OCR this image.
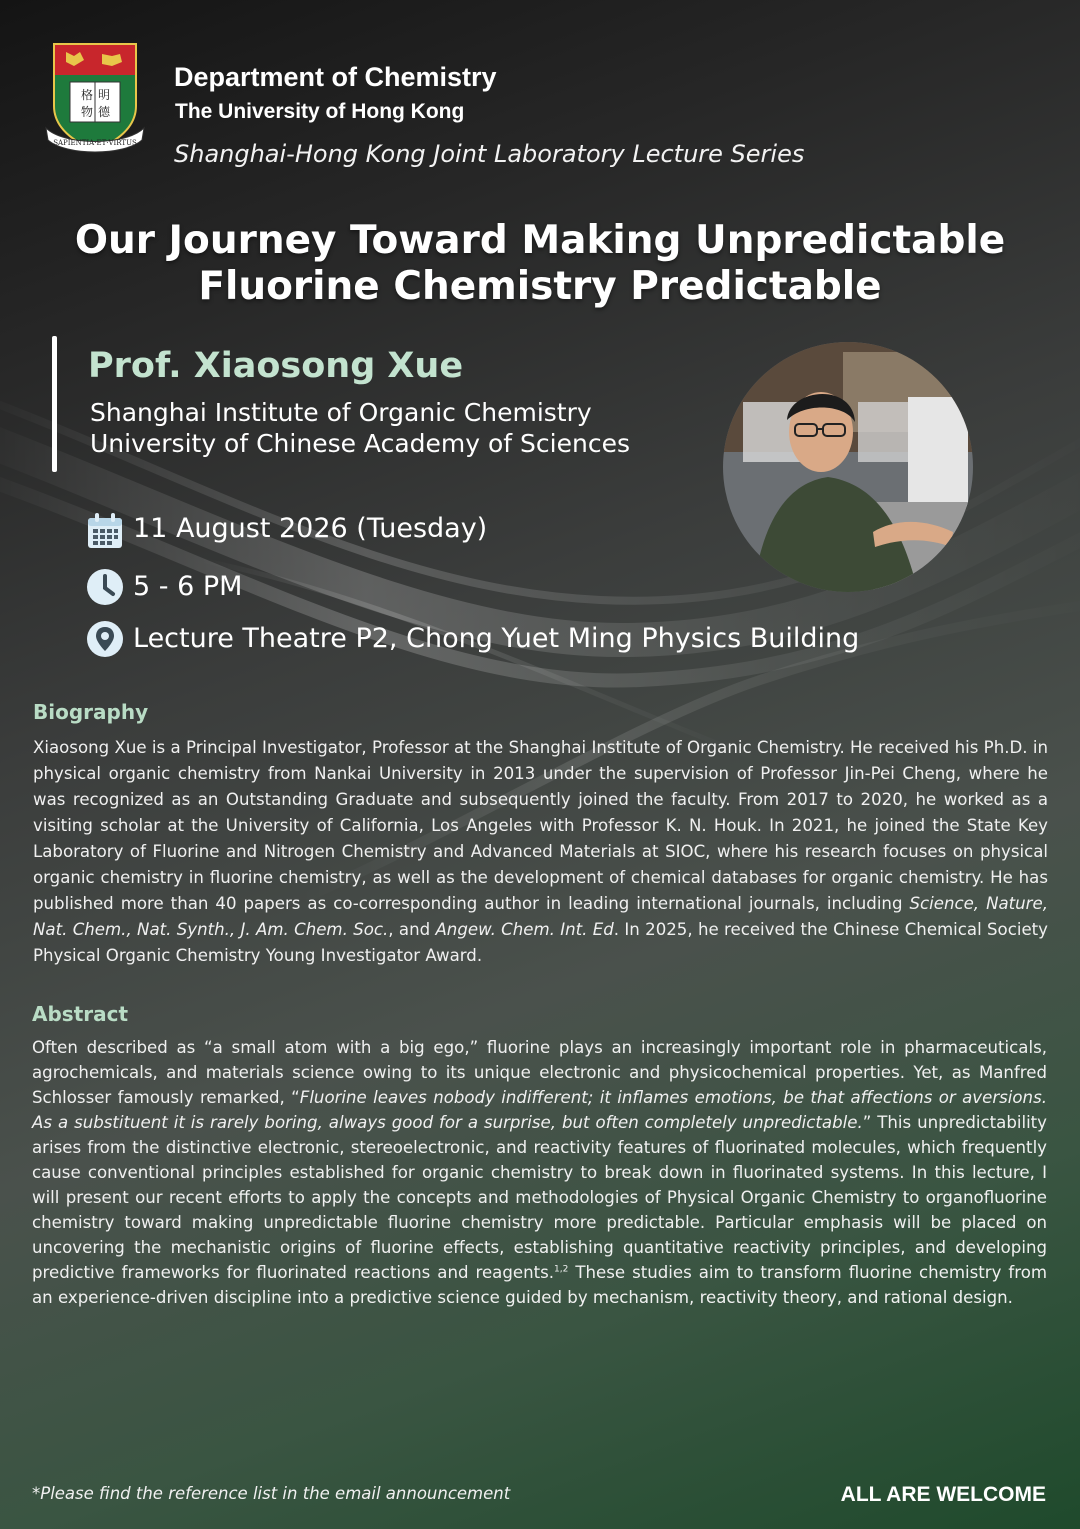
格
物
明
德
SAPIENTIA·ET·VIRTUS
Department of Chemistry
The University of Hong Kong
Shanghai-Hong Kong Joint Laboratory Lecture Series
Our Journey Toward Making Unpredictable
Fluorine Chemistry Predictable
Prof. Xiaosong Xue
Shanghai Institute of Organic Chemistry
University of Chinese Academy of Sciences
11 August 2026 (Tuesday)
5 - 6 PM
Lecture Theatre P2, Chong Yuet Ming Physics Building
Biography
Xiaosong Xue is a Principal Investigator, Professor at the Shanghai Institute of Organic Chemistry. He received his Ph.D. in physical organic chemistry from Nankai University in 2013 under the supervision of Professor Jin-Pei Cheng, where he was recognized as an Outstanding Graduate and subsequently joined the faculty. From 2017 to 2020, he worked as a visiting scholar at the University of California, Los Angeles with Professor K. N. Houk. In 2021, he joined the State Key Laboratory of Fluorine and Nitrogen Chemistry and Advanced Materials at SIOC, where his research focuses on physical organic chemistry in fluorine chemistry, as well as the development of chemical databases for organic chemistry. He has published more than 40 papers as co-corresponding author in leading international journals, including Science, Nature, Nat. Chem., Nat. Synth., J. Am. Chem. Soc., and Angew. Chem. Int. Ed. In 2025, he received the Chinese Chemical Society Physical Organic Chemistry Young Investigator Award.
Abstract
Often described as “a small atom with a big ego,” fluorine plays an increasingly important role in pharmaceuticals, agrochemicals, and materials science owing to its unique electronic and physicochemical properties. Yet, as Manfred Schlosser famously remarked, “Fluorine leaves nobody indifferent; it inflames emotions, be that affections or aversions. As a substituent it is rarely boring, always good for a surprise, but often completely unpredictable.” This unpredictability arises from the distinctive electronic, stereoelectronic, and reactivity features of fluorinated molecules, which frequently cause conventional principles established for organic chemistry to break down in fluorinated systems. In this lecture, I will present our recent efforts to apply the concepts and methodologies of Physical Organic Chemistry to organofluorine chemistry toward making unpredictable fluorine chemistry more predictable. Particular emphasis will be placed on uncovering the mechanistic origins of fluorine effects, establishing quantitative reactivity principles, and developing predictive frameworks for fluorinated reactions and reagents.$^{1,2}$ These studies aim to transform fluorine chemistry from an experience-driven discipline into a predictive science guided by mechanism, reactivity theory, and rational design.
*Please find the reference list in the email announcement	ALL ARE WELCOME
